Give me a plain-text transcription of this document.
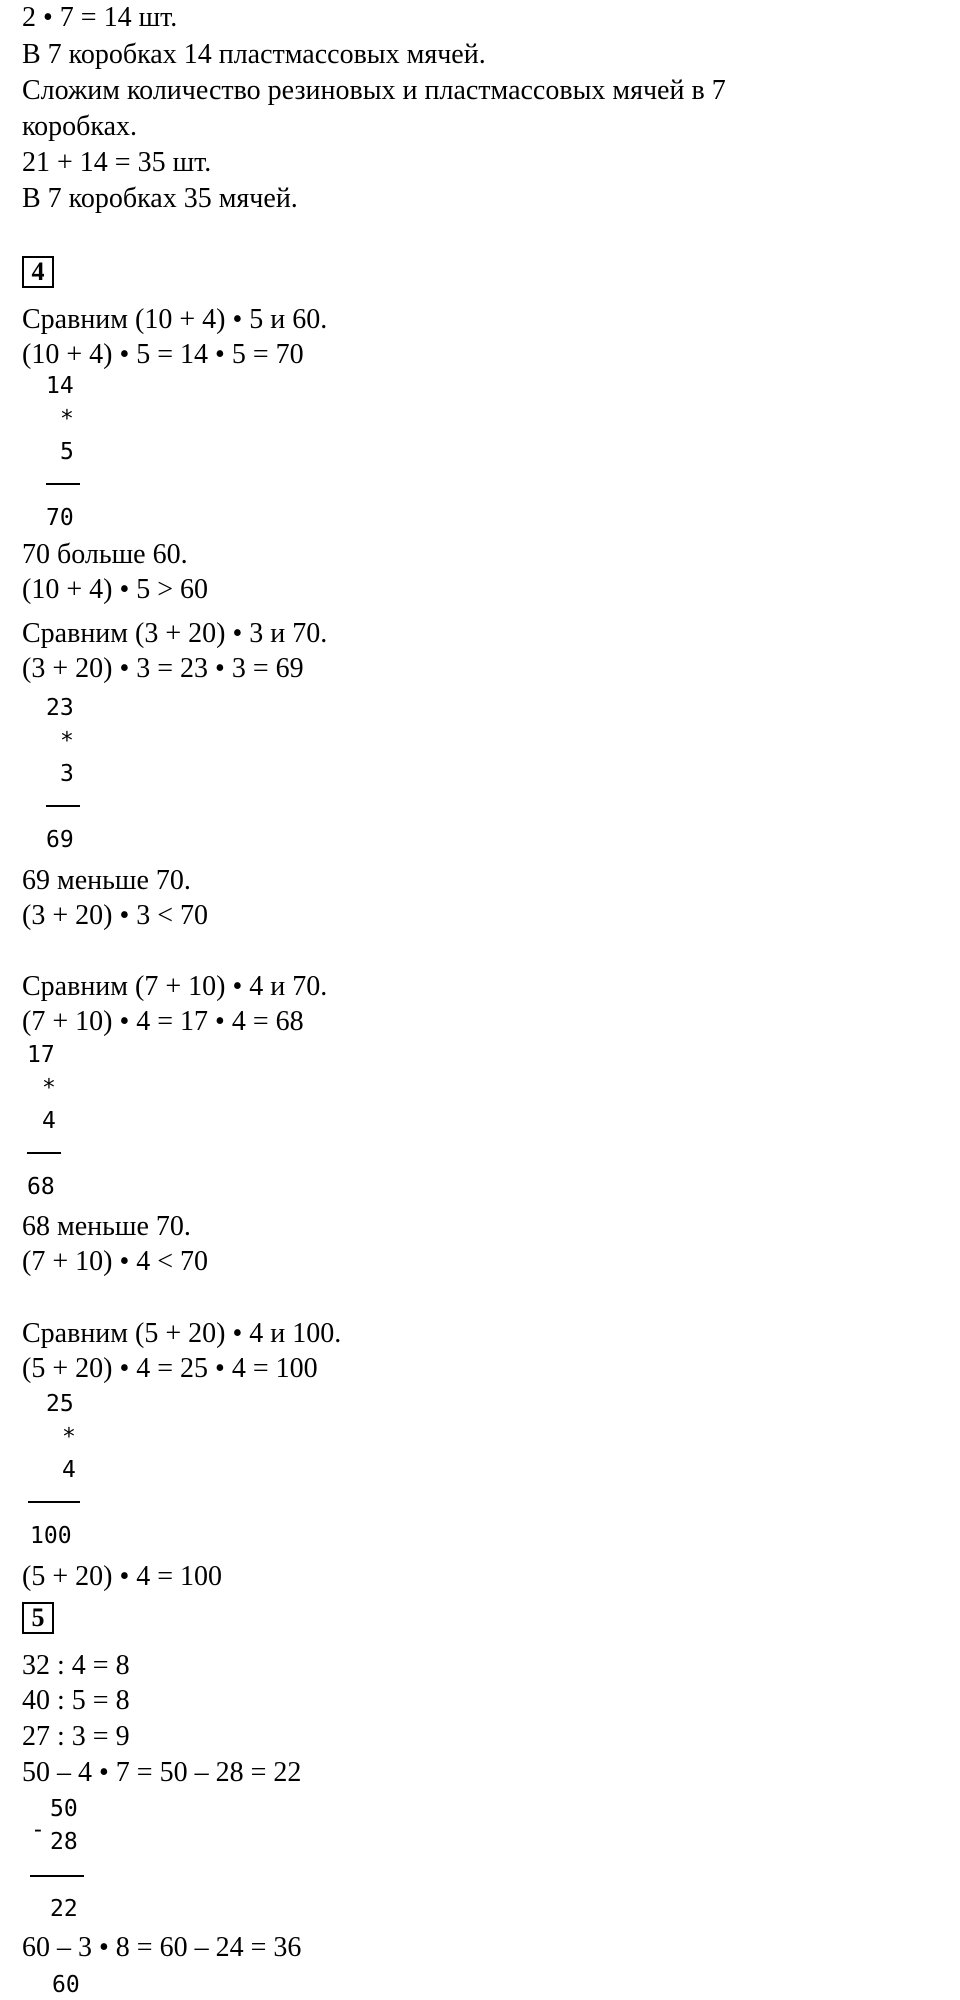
2 • 7 = 14 шт.
В 7 коробках 14 пластмассовых мячей.
Сложим количество резиновых и пластмассовых мячей в 7
коробках.
21 + 14 = 35 шт.
В 7 коробках 35 мячей.
4
Сравним (10 + 4) • 5 и 60.
(10 + 4) • 5 = 14 • 5 = 70
14
*
5
70
70 больше 60.
(10 + 4) • 5 > 60
Сравним (3 + 20) • 3 и 70.
(3 + 20) • 3 = 23 • 3 = 69
23
*
3
69
69 меньше 70.
(3 + 20) • 3 < 70
Сравним (7 + 10) • 4 и 70.
(7 + 10) • 4 = 17 • 4 = 68
17
*
4
68
68 меньше 70.
(7 + 10) • 4 < 70
Сравним (5 + 20) • 4 и 100.
(5 + 20) • 4 = 25 • 4 = 100
25
*
4
100
(5 + 20) • 4 = 100
5
32 : 4 = 8
40 : 5 = 8
27 : 3 = 9
50 – 4 • 7 = 50 – 28 = 22
-
50
28
22
60 – 3 • 8 = 60 – 24 = 36
60
